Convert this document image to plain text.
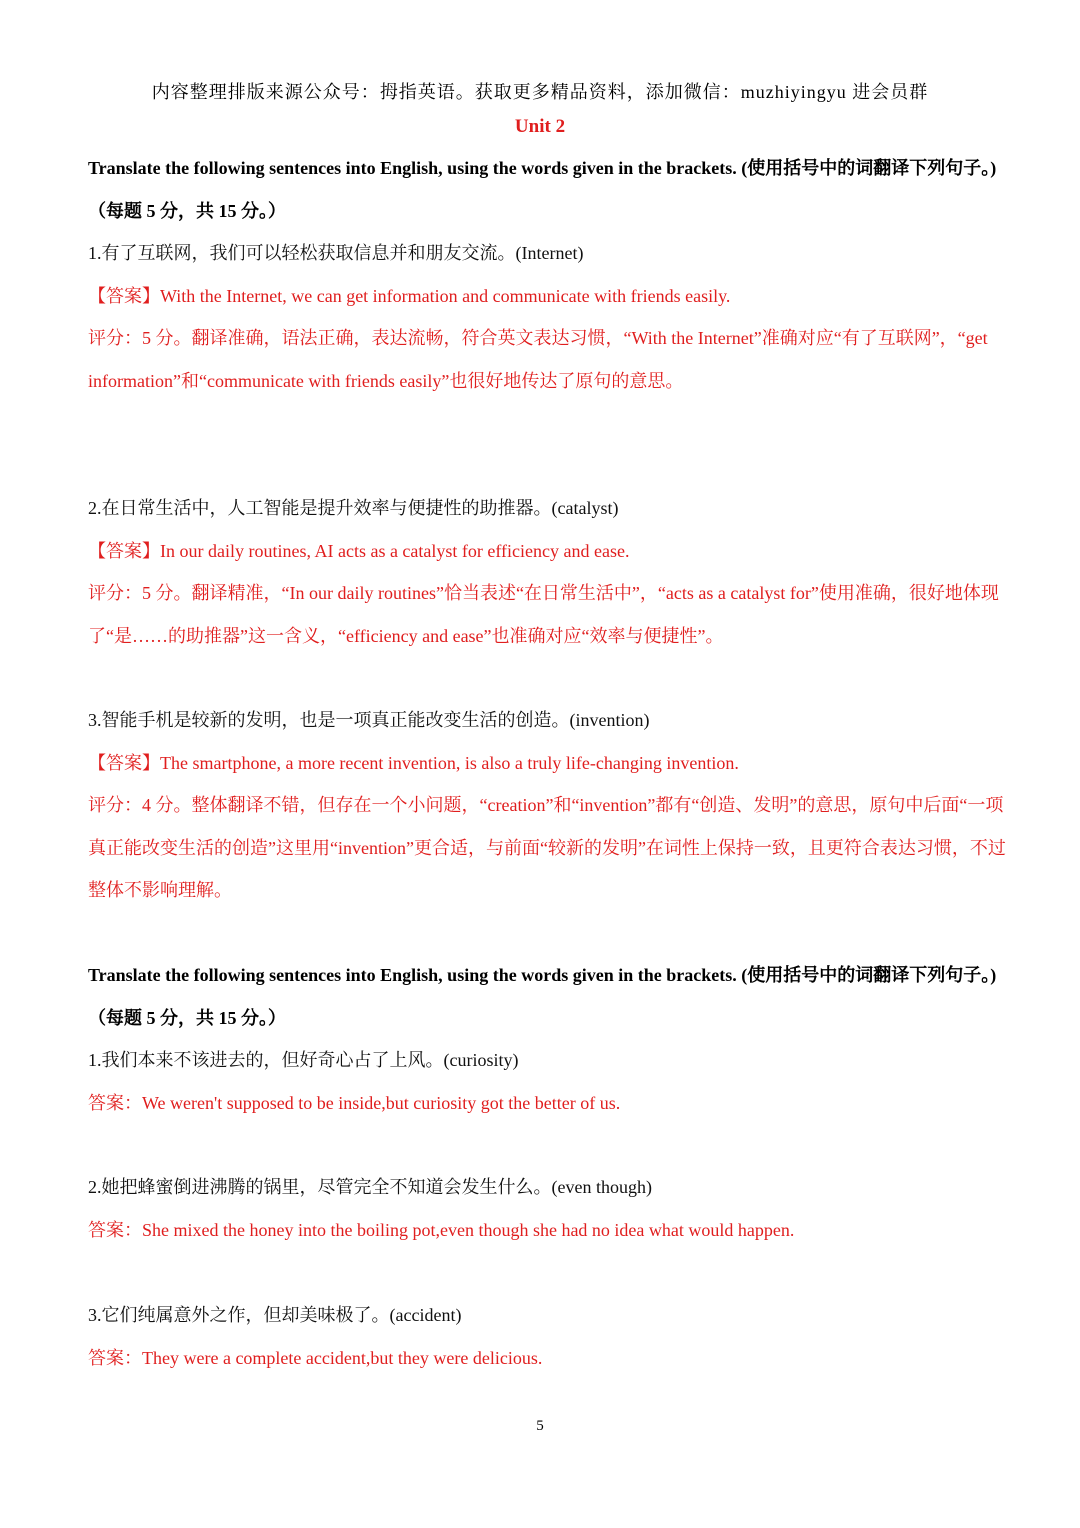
内容整理排版来源公众号：拇指英语。获取更多精品资料，添加微信：muzhiyingyu 进会员群
Unit 2
Translate the following sentences into English, using the words given in the brackets. (使用括号中的词翻译下列句子。)（每题 5 分，共 15 分。）
1.有了互联网，我们可以轻松获取信息并和朋友交流。(Internet)
【答案】With the Internet, we can get information and communicate with friends easily.
评分：5 分。翻译准确，语法正确，表达流畅，符合英文表达习惯，“With the Internet”准确对应“有了互联网”，“get information”和“communicate with friends easily”也很好地传达了原句的意思。
2.在日常生活中，人工智能是提升效率与便捷性的助推器。(catalyst)
【答案】In our daily routines, AI acts as a catalyst for efficiency and ease.
评分：5 分。翻译精准，“In our daily routines”恰当表述“在日常生活中”，“acts as a catalyst for”使用准确，很好地体现了“是……的助推器”这一含义，“efficiency and ease”也准确对应“效率与便捷性”。
3.智能手机是较新的发明，也是一项真正能改变生活的创造。(invention)
【答案】The smartphone, a more recent invention, is also a truly life-changing invention.
评分：4 分。整体翻译不错，但存在一个小问题，“creation”和“invention”都有“创造、发明”的意思，原句中后面“一项真正能改变生活的创造”这里用“invention”更合适，与前面“较新的发明”在词性上保持一致，且更符合表达习惯，不过整体不影响理解。
Translate the following sentences into English, using the words given in the brackets. (使用括号中的词翻译下列句子。)（每题 5 分，共 15 分。）
1.我们本来不该进去的，但好奇心占了上风。(curiosity)
答案：We weren't supposed to be inside,but curiosity got the better of us.
2.她把蜂蜜倒进沸腾的锅里，尽管完全不知道会发生什么。(even though)
答案：She mixed the honey into the boiling pot,even though she had no idea what would happen.
3.它们纯属意外之作，但却美味极了。(accident)
答案：They were a complete accident,but they were delicious.
5
